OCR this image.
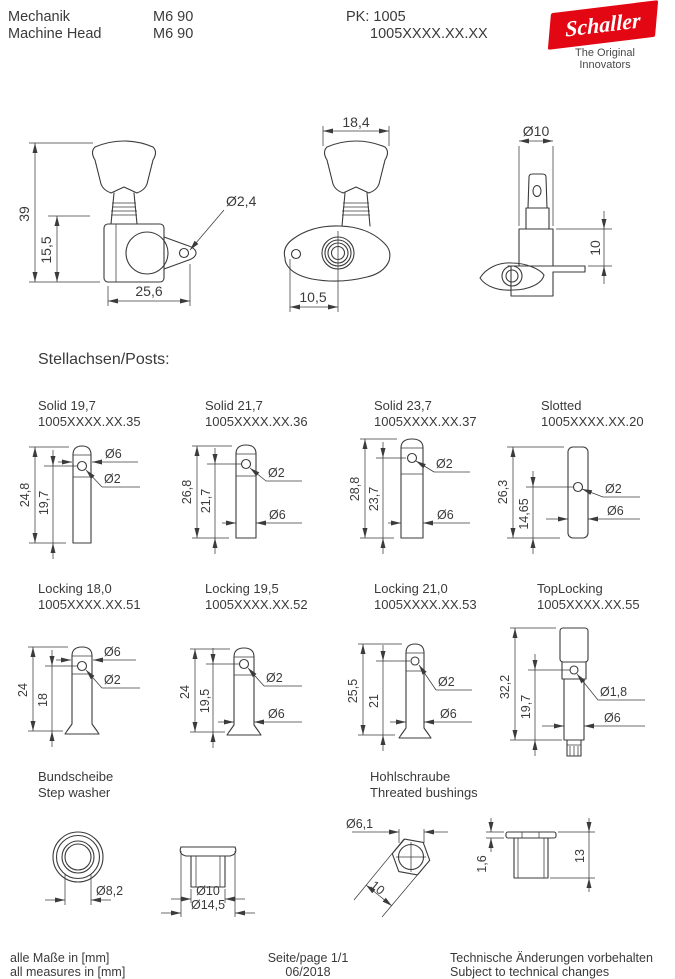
Mechanik
Machine Head
M6 90
M6 90
PK: 1005
1005XXXX.XX.XX	Schaller
The Original Innovators
Stellachsen/Posts:
Solid 19,7
1005XXXX.XX.35
Solid 21,7
1005XXXX.XX.36
Solid 23,7
1005XXXX.XX.37
Slotted
1005XXXX.XX.20
Locking 18,0
1005XXXX.XX.51
Locking 19,5
1005XXXX.XX.52
Locking 21,0
1005XXXX.XX.53
TopLocking
1005XXXX.XX.55
Bundscheibe
Step washer
Hohlschraube
Threated bushings
alle Maße in [mm]
all measures in [mm]
Seite/page 1/1
06/2018
Technische Änderungen vorbehalten
Subject to technical changes
Ø2,4
39
15,5
25,6
18,4
10,5
Ø10
10
24,8 19,7
Ø6
Ø2
26,8 21,7
Ø2
Ø6
28,8 23,7
Ø2
Ø6
26,3
14,65
Ø2
Ø6
24
18
Ø6
Ø2
24 19,5
Ø2
Ø6
25,5 21
Ø2
Ø6
32,2
19,7
Ø1,8
Ø6
Ø8,2	Ø10
Ø14,5
Ø6,1
10
1,6	13
